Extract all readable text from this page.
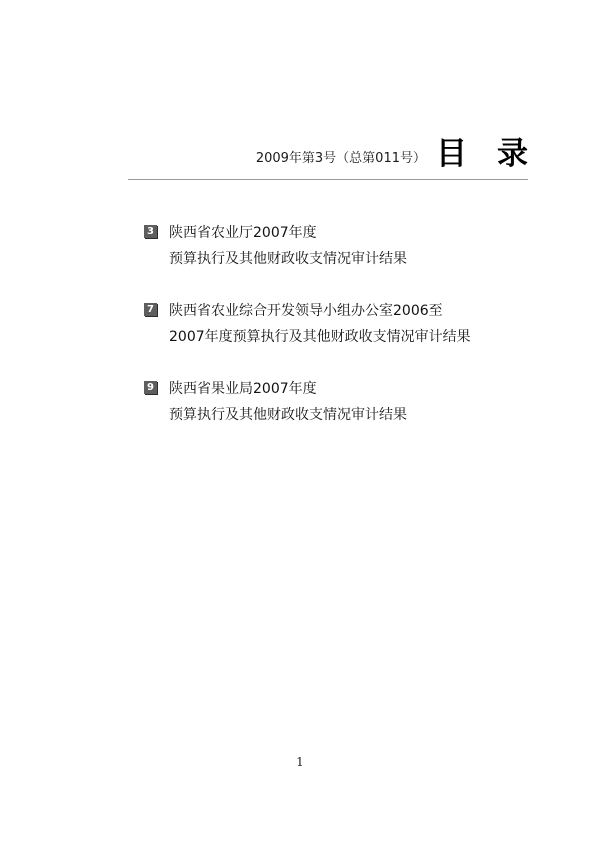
2009年第3号（总第011号） 目录
3 陕西省农业厅2007年度
预算执行及其他财政收支情况审计结果
7 陕西省农业综合开发领导小组办公室2006至
2007年度预算执行及其他财政收支情况审计结果
9 陕西省果业局2007年度
预算执行及其他财政收支情况审计结果
1
